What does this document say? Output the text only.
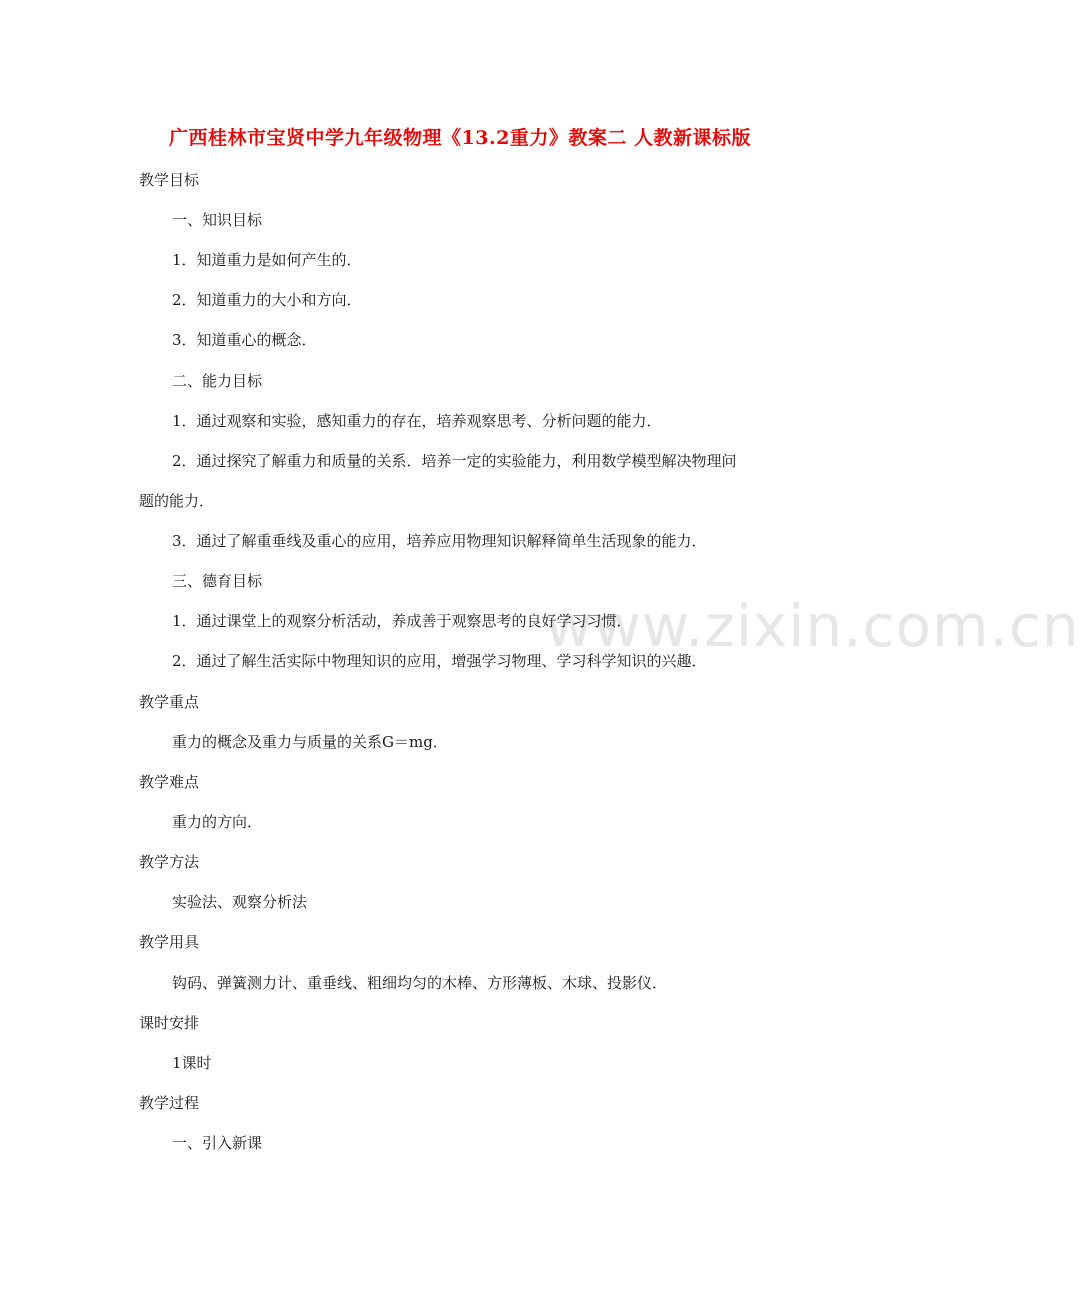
广西桂林市宝贤中学九年级物理《13.2重力》教案二 人教新课标版
www.zixin.com.cn
教学目标
一、知识目标
1．知道重力是如何产生的．
2．知道重力的大小和方向．
3．知道重心的概念．
二、能力目标
1．通过观察和实验，感知重力的存在，培养观察思考、分析问题的能力．
2．通过探究了解重力和质量的关系．培养一定的实验能力，利用数学模型解决物理问
题的能力．
3．通过了解重垂线及重心的应用，培养应用物理知识解释简单生活现象的能力．
三、德育目标
1．通过课堂上的观察分析活动，养成善于观察思考的良好学习习惯．
2．通过了解生活实际中物理知识的应用，增强学习物理、学习科学知识的兴趣．
教学重点
重力的概念及重力与质量的关系G＝mg．
教学难点
重力的方向．
教学方法
实验法、观察分析法
教学用具
钩码、弹簧测力计、重垂线、粗细均匀的木棒、方形薄板、木球、投影仪．
课时安排
1课时
教学过程
一、引入新课
